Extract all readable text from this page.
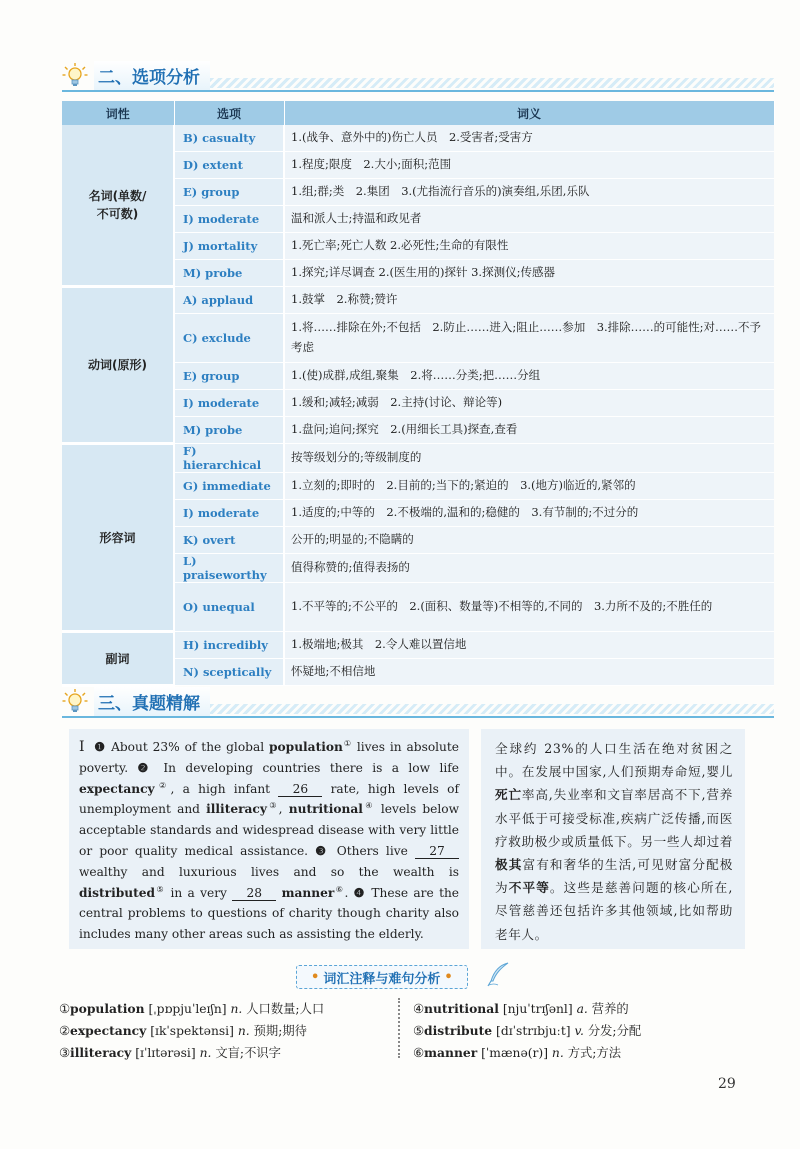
二、选项分析
词性	选项	词义

名词(单数/
不可数)	B) casualty	1.(战争、意外中的)伤亡人员　2.受害者;受害方
	D) extent	1.程度;限度　2.大小;面积;范围
	E) group	1.组;群;类　2.集团　3.(尤指流行音乐的)演奏组,乐团,乐队
	I) moderate	温和派人士;持温和政见者
	J) mortality	1.死亡率;死亡人数 2.必死性;生命的有限性
	M) probe	1.探究;详尽调查 2.(医生用的)探针 3.探测仪;传感器

动词(原形)	A) applaud	1.鼓掌　2.称赞;赞许
	C) exclude	1.将……排除在外;不包括　2.防止……进入;阻止……参加　3.排除……的可能性;对……不予考虑
	E) group	1.(使)成群,成组,聚集　2.将……分类;把……分组
	I) moderate	1.缓和;减轻;减弱　2.主持(讨论、辩论等)
	M) probe	1.盘问;追问;探究　2.(用细长工具)探查,查看

形容词	F) hierarchical	按等级划分的;等级制度的
	G) immediate	1.立刻的;即时的　2.目前的;当下的;紧迫的　3.(地方)临近的,紧邻的
	I) moderate	1.适度的;中等的　2.不极端的,温和的;稳健的　3.有节制的;不过分的
	K) overt	公开的;明显的;不隐瞒的
	L) praiseworthy	值得称赞的;值得表扬的
	O) unequal	1.不平等的;不公平的　2.(面积、数量等)不相等的,不同的　3.力所不及的;不胜任的

副词	H) incredibly	1.极端地;极其　2.令人难以置信地
	N) sceptically	怀疑地;不相信地
三、真题精解
I ❶ About 23% of the global population① lives in absolute poverty. ❷ In developing countries there is a low life expectancy②, a high infant 26 rate, high levels of unemployment and illiteracy③, nutritional④ levels below acceptable standards and widespread disease with very little or poor quality medical assistance. ❸ Others live 27 wealthy and luxurious lives and so the wealth is distributed⑤ in a very 28 manner⑥. ❹ These are the central problems to questions of charity though charity also includes many other areas such as assisting the elderly.
全球约 23%的人口生活在绝对贫困之中。在发展中国家,人们预期寿命短,婴儿死亡率高,失业率和文盲率居高不下,营养水平低于可接受标准,疾病广泛传播,而医疗救助极少或质量低下。另一些人却过着极其富有和奢华的生活,可见财富分配极为不平等。这些是慈善问题的核心所在,尽管慈善还包括许多其他领域,比如帮助老年人。
• 词汇注释与难句分析 •
①population [ˌpɒpjuˈleɪʃn] n. 人口数量;人口
②expectancy [ɪkˈspektənsi] n. 预期;期待
③illiteracy [ɪˈlɪtərəsi] n. 文盲;不识字
④nutritional [njuˈtrɪʃənl] a. 营养的
⑤distribute [dɪˈstrɪbjuːt] v. 分发;分配
⑥manner [ˈmænə(r)] n. 方式;方法
29
